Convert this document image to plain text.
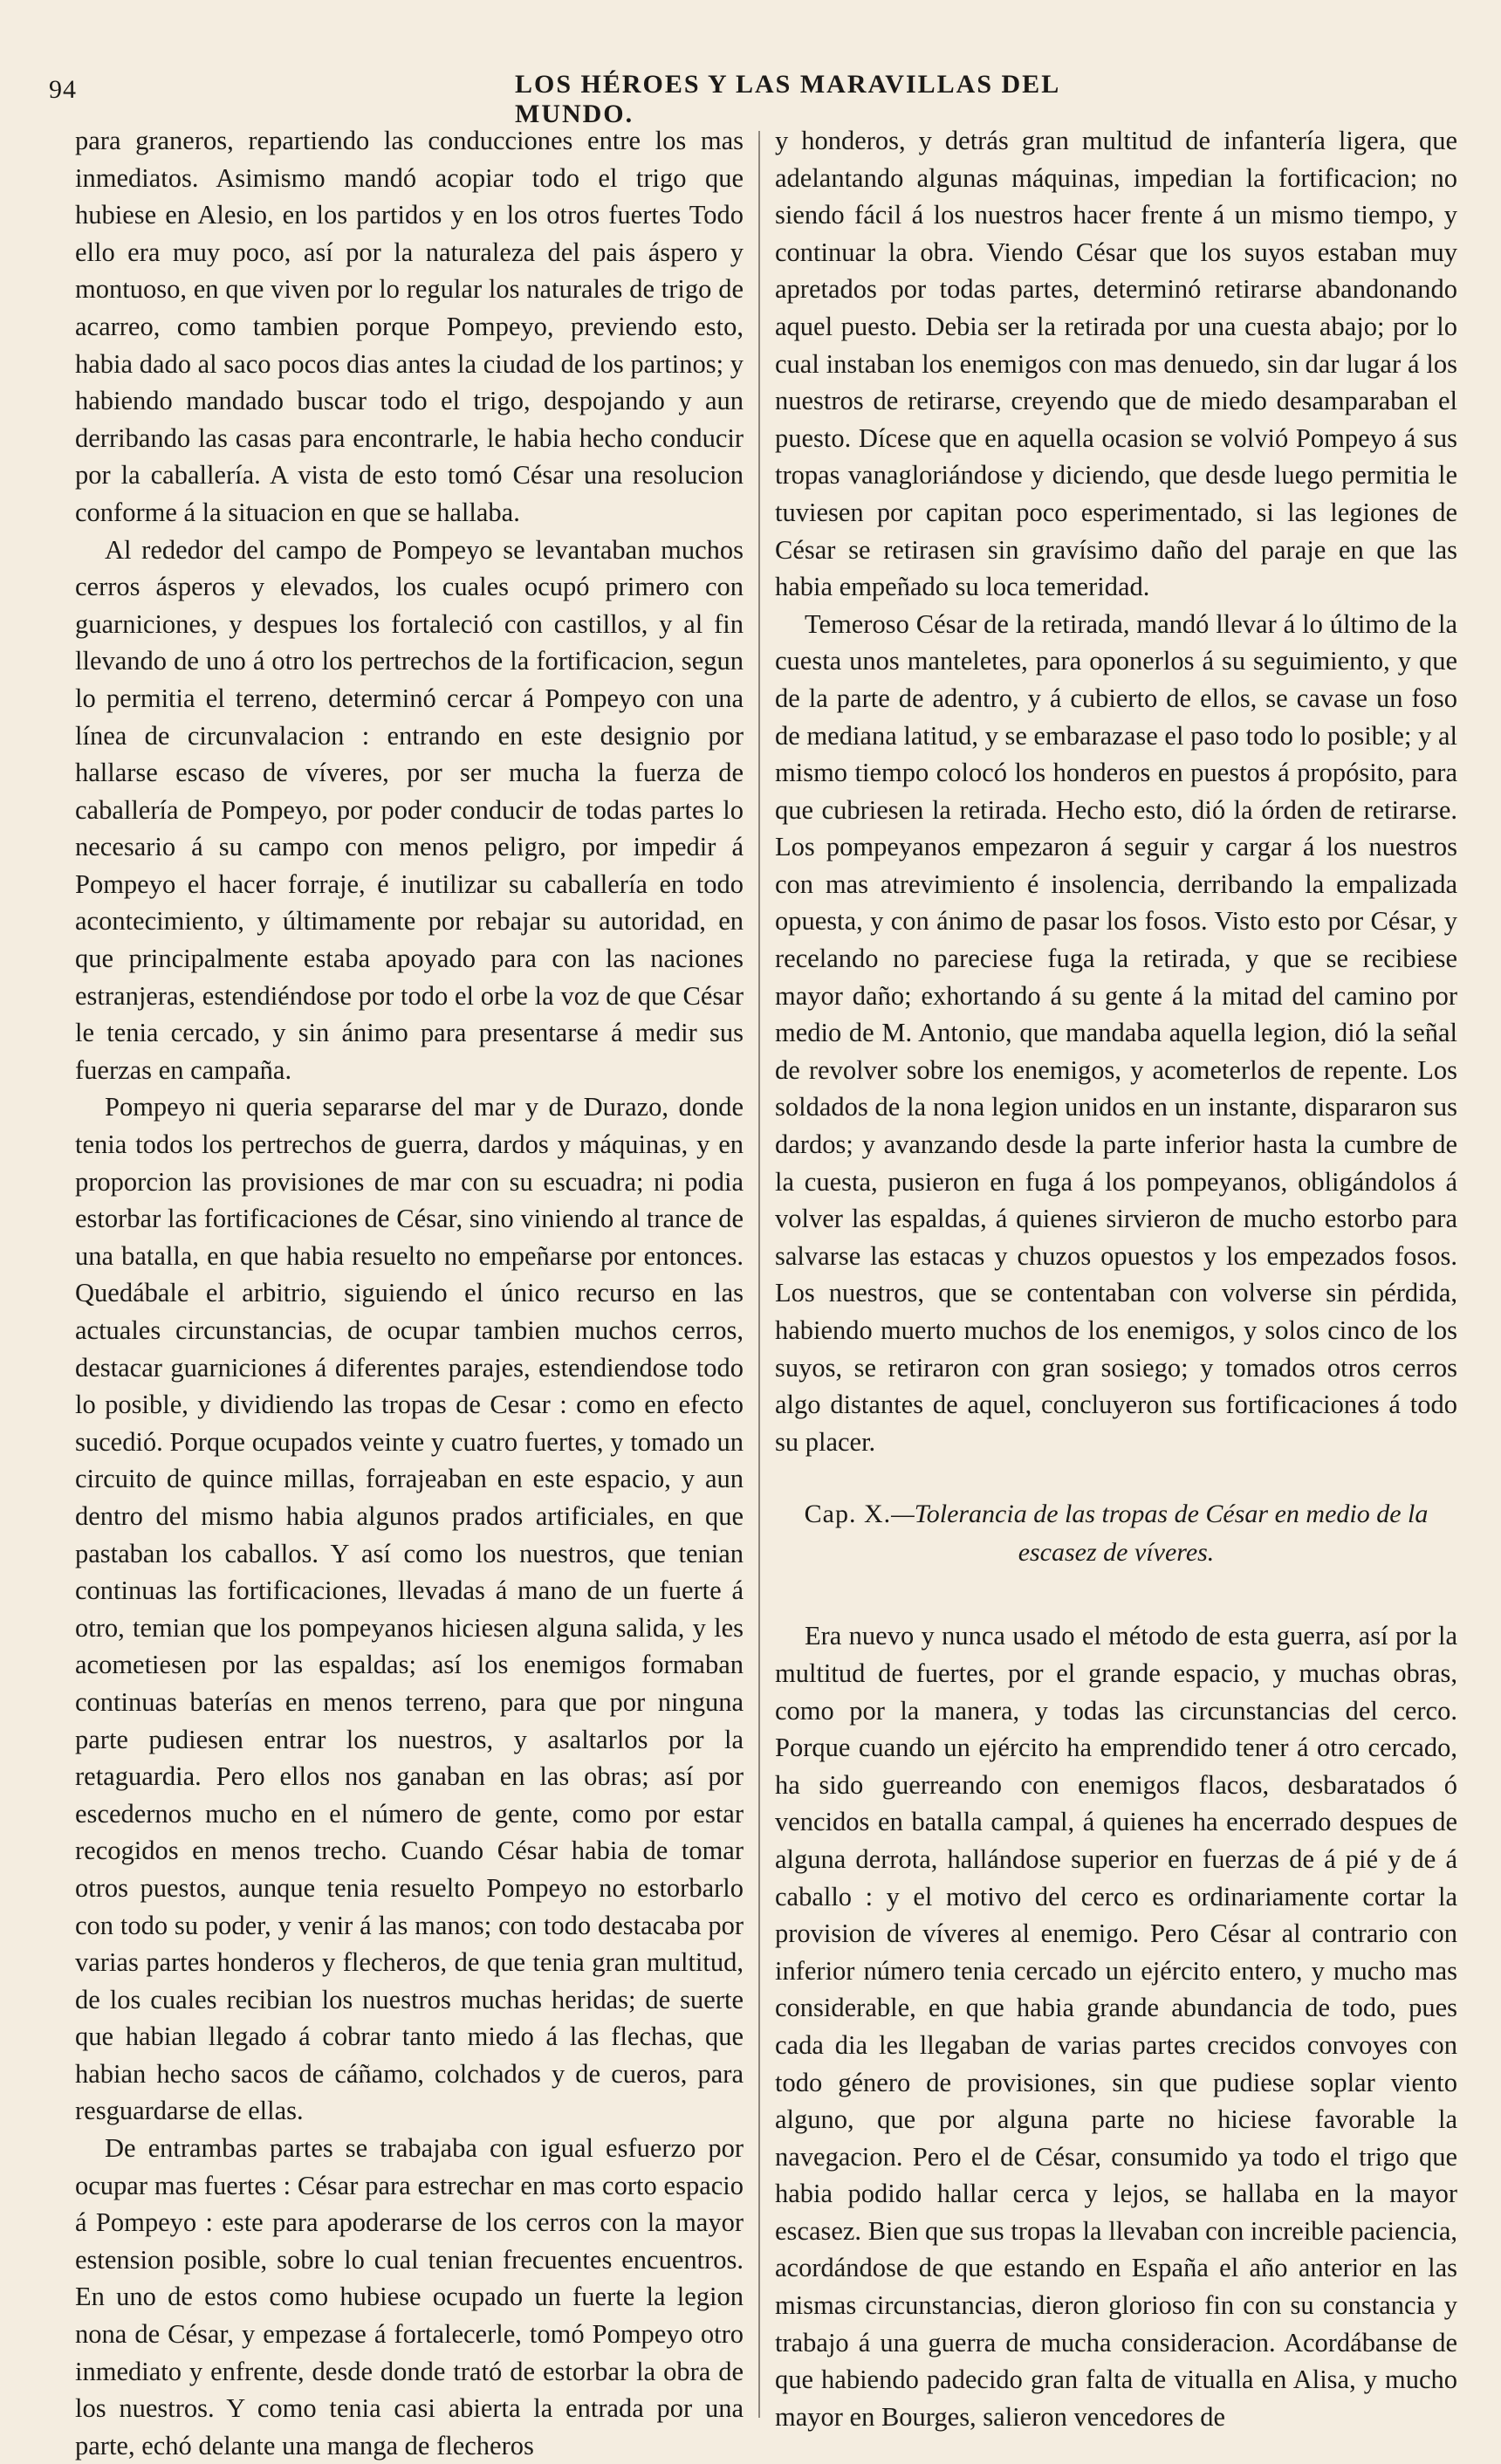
94	LOS HÉROES Y LAS MARAVILLAS DEL MUNDO.

para graneros, repartiendo las conducciones entre los mas inmediatos. Asimismo mandó acopiar todo el trigo que hubiese en Alesio, en los partidos y en los otros fuertes Todo ello era muy poco, así por la naturaleza del pais áspero y montuoso, en que viven por lo regular los naturales de trigo de acarreo, como tambien porque Pompeyo, previendo esto, habia dado al saco pocos dias antes la ciudad de los partinos; y habiendo mandado buscar todo el trigo, despojando y aun derribando las casas para encontrarle, le habia hecho conducir por la caballería. A vista de esto tomó César una resolucion conforme á la situacion en que se hallaba.

Al rededor del campo de Pompeyo se levantaban muchos cerros ásperos y elevados, los cuales ocupó primero con guarniciones, y despues los fortaleció con castillos, y al fin llevando de uno á otro los pertrechos de la fortificacion, segun lo permitia el terreno, determinó cercar á Pompeyo con una línea de circunvalacion : entrando en este designio por hallarse escaso de víveres, por ser mucha la fuerza de caballería de Pompeyo, por poder conducir de todas partes lo necesario á su campo con menos peligro, por impedir á Pompeyo el hacer forraje, é inutilizar su caballería en todo acontecimiento, y últimamente por rebajar su autoridad, en que principalmente estaba apoyado para con las naciones estranjeras, estendiéndose por todo el orbe la voz de que César le tenia cercado, y sin ánimo para presentarse á medir sus fuerzas en campaña.

Pompeyo ni queria separarse del mar y de Durazo, donde tenia todos los pertrechos de guerra, dardos y máquinas, y en proporcion las provisiones de mar con su escuadra; ni podia estorbar las fortificaciones de César, sino viniendo al trance de una batalla, en que habia resuelto no empeñarse por entonces. Quedábale el arbitrio, siguiendo el único recurso en las actuales circunstancias, de ocupar tambien muchos cerros, destacar guarniciones á diferentes parajes, estendiendose todo lo posible, y dividiendo las tropas de Cesar : como en efecto sucedió. Porque ocupados veinte y cuatro fuertes, y tomado un circuito de quince millas, forrajeaban en este espacio, y aun dentro del mismo habia algunos prados artificiales, en que pastaban los caballos. Y así como los nuestros, que tenian continuas las fortificaciones, llevadas á mano de un fuerte á otro, temian que los pompeyanos hiciesen alguna salida, y les acometiesen por las espaldas; así los enemigos formaban continuas baterías en menos terreno, para que por ninguna parte pudiesen entrar los nuestros, y asaltarlos por la retaguardia. Pero ellos nos ganaban en las obras; así por escedernos mucho en el número de gente, como por estar recogidos en menos trecho. Cuando César habia de tomar otros puestos, aunque tenia resuelto Pompeyo no estorbarlo con todo su poder, y venir á las manos; con todo destacaba por varias partes honderos y flecheros, de que tenia gran multitud, de los cuales recibian los nuestros muchas heridas; de suerte que habian llegado á cobrar tanto miedo á las flechas, que habian hecho sacos de cáñamo, colchados y de cueros, para resguardarse de ellas.

De entrambas partes se trabajaba con igual esfuerzo por ocupar mas fuertes : César para estrechar en mas corto espacio á Pompeyo : este para apoderarse de los cerros con la mayor estension posible, sobre lo cual tenian frecuentes encuentros. En uno de estos como hubiese ocupado un fuerte la legion nona de César, y empezase á fortalecerle, tomó Pompeyo otro inmediato y enfrente, desde donde trató de estorbar la obra de los nuestros. Y como tenia casi abierta la entrada por una parte, echó delante una manga de flecheros

y honderos, y detrás gran multitud de infantería ligera, que adelantando algunas máquinas, impedian la fortificacion; no siendo fácil á los nuestros hacer frente á un mismo tiempo, y continuar la obra. Viendo César que los suyos estaban muy apretados por todas partes, determinó retirarse abandonando aquel puesto. Debia ser la retirada por una cuesta abajo; por lo cual instaban los enemigos con mas denuedo, sin dar lugar á los nuestros de retirarse, creyendo que de miedo desamparaban el puesto. Dícese que en aquella ocasion se volvió Pompeyo á sus tropas vanagloriándose y diciendo, que desde luego permitia le tuviesen por capitan poco esperimentado, si las legiones de César se retirasen sin gravísimo daño del paraje en que las habia empeñado su loca temeridad.

Temeroso César de la retirada, mandó llevar á lo último de la cuesta unos manteletes, para oponerlos á su seguimiento, y que de la parte de adentro, y á cubierto de ellos, se cavase un foso de mediana latitud, y se embarazase el paso todo lo posible; y al mismo tiempo colocó los honderos en puestos á propósito, para que cubriesen la retirada. Hecho esto, dió la órden de retirarse. Los pompeyanos empezaron á seguir y cargar á los nuestros con mas atrevimiento é insolencia, derribando la empalizada opuesta, y con ánimo de pasar los fosos. Visto esto por César, y recelando no pareciese fuga la retirada, y que se recibiese mayor daño; exhortando á su gente á la mitad del camino por medio de M. Antonio, que mandaba aquella legion, dió la señal de revolver sobre los enemigos, y acometerlos de repente. Los soldados de la nona legion unidos en un instante, dispararon sus dardos; y avanzando desde la parte inferior hasta la cumbre de la cuesta, pusieron en fuga á los pompeyanos, obligándolos á volver las espaldas, á quienes sirvieron de mucho estorbo para salvarse las estacas y chuzos opuestos y los empezados fosos. Los nuestros, que se contentaban con volverse sin pérdida, habiendo muerto muchos de los enemigos, y solos cinco de los suyos, se retiraron con gran sosiego; y tomados otros cerros algo distantes de aquel, concluyeron sus fortificaciones á todo su placer.

Cap. X.—Tolerancia de las tropas de César en medio de la escasez de víveres.

Era nuevo y nunca usado el método de esta guerra, así por la multitud de fuertes, por el grande espacio, y muchas obras, como por la manera, y todas las circunstancias del cerco. Porque cuando un ejército ha emprendido tener á otro cercado, ha sido guerreando con enemigos flacos, desbaratados ó vencidos en batalla campal, á quienes ha encerrado despues de alguna derrota, hallándose superior en fuerzas de á pié y de á caballo : y el motivo del cerco es ordinariamente cortar la provision de víveres al enemigo. Pero César al contrario con inferior número tenia cercado un ejército entero, y mucho mas considerable, en que habia grande abundancia de todo, pues cada dia les llegaban de varias partes crecidos convoyes con todo género de provisiones, sin que pudiese soplar viento alguno, que por alguna parte no hiciese favorable la navegacion. Pero el de César, consumido ya todo el trigo que habia podido hallar cerca y lejos, se hallaba en la mayor escasez. Bien que sus tropas la llevaban con increible paciencia, acordándose de que estando en España el año anterior en las mismas circunstancias, dieron glorioso fin con su constancia y trabajo á una guerra de mucha consideracion. Acordábanse de que habiendo padecido gran falta de vitualla en Alisa, y mucho mayor en Bourges, salieron vencedores de
